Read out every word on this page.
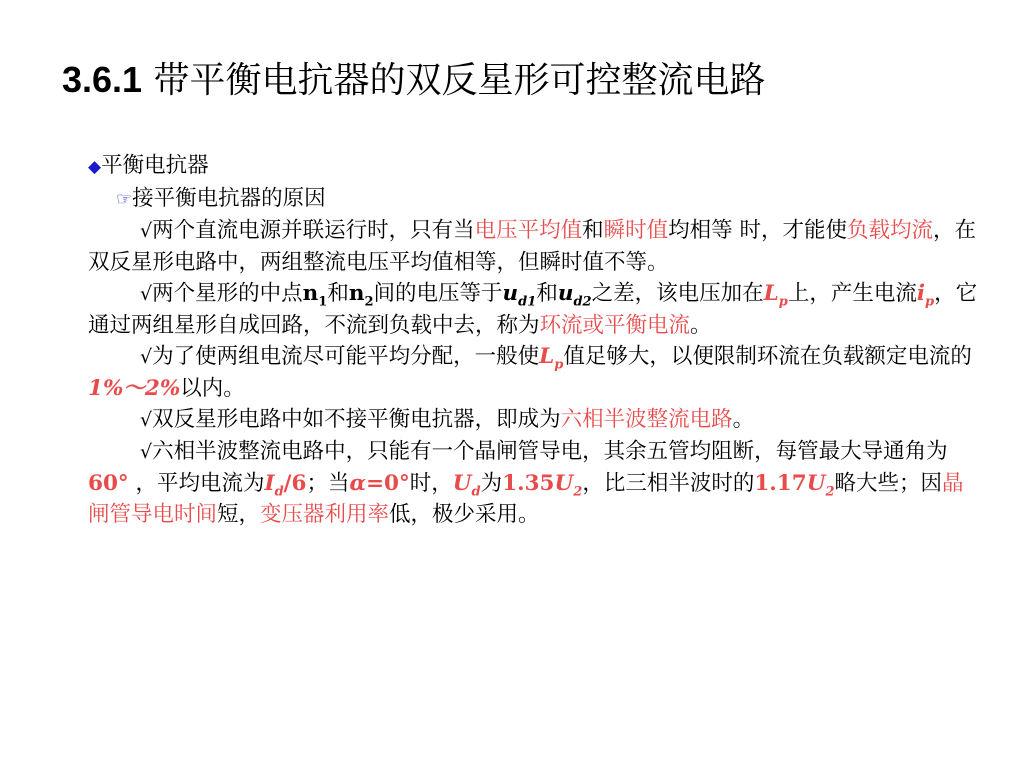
3.6.1 带平衡电抗器的双反星形可控整流电路

◆平衡电抗器

☞接平衡电抗器的原因

√两个直流电源并联运行时，只有当电压平均值和瞬时值均相等 时，才能使负载均流，在双反星形电路中，两组整流电压平均值相等，但瞬时值不等。

√两个星形的中点$n_1$和$n_2$间的电压等于$u_{d1}$和$u_{d2}$之差，该电压加在$L_p$上，产生电流$i_p$，它通过两组星形自成回路，不流到负载中去，称为环流或平衡电流。

√为了使两组电流尽可能平均分配，一般使$L_p$值足够大，以便限制环流在负载额定电流的1%～2%以内。

√双反星形电路中如不接平衡电抗器，即成为六相半波整流电路。

√六相半波整流电路中，只能有一个晶闸管导电，其余五管均阻断，每管最大导通角为60° ，平均电流为$I_d/6$；当α=0°时，$U_d$为$1.35U_2$，比三相半波时的$1.17U_2$略大些；因晶闸管导电时间短，变压器利用率低，极少采用。
